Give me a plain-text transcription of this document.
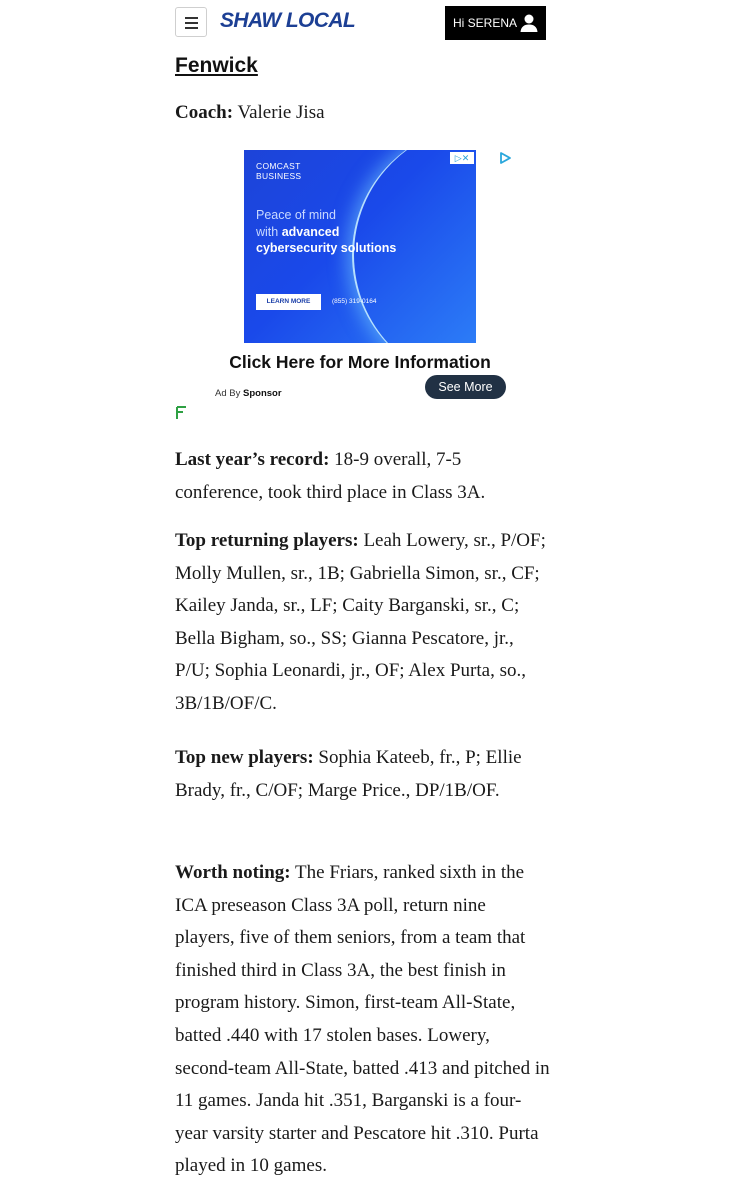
SHAW LOCAL	Hi SERENA
Fenwick
Coach: Valerie Jisa
COMCAST
BUSINESS
Peace of mind
with advanced cybersecurity solutions
LEARN MORE	(855) 319-0164
▷✕
Click Here for More Information
See More
Ad By Sponsor
Last year’s record: 18-9 overall, 7-5 conference, took third place in Class 3A.
Top returning players: Leah Lowery, sr., P/OF; Molly Mullen, sr., 1B; Gabriella Simon, sr., CF; Kailey Janda, sr., LF; Caity Barganski, sr., C; Bella Bigham, so., SS; Gianna Pescatore, jr., P/U; Sophia Leonardi, jr., OF; Alex Purta, so., 3B/1B/OF/C.
Top new players: Sophia Kateeb, fr., P; Ellie Brady, fr., C/OF; Marge Price., DP/1B/OF.
Worth noting: The Friars, ranked sixth in the ICA preseason Class 3A poll, return nine players, five of them seniors, from a team that finished third in Class 3A, the best finish in program history. Simon, first-team All-State, batted .440 with 17 stolen bases. Lowery, second-team All-State, batted .413 and pitched in 11 games. Janda hit .351, Barganski is a four-year varsity starter and Pescatore hit .310. Purta played in 10 games.
